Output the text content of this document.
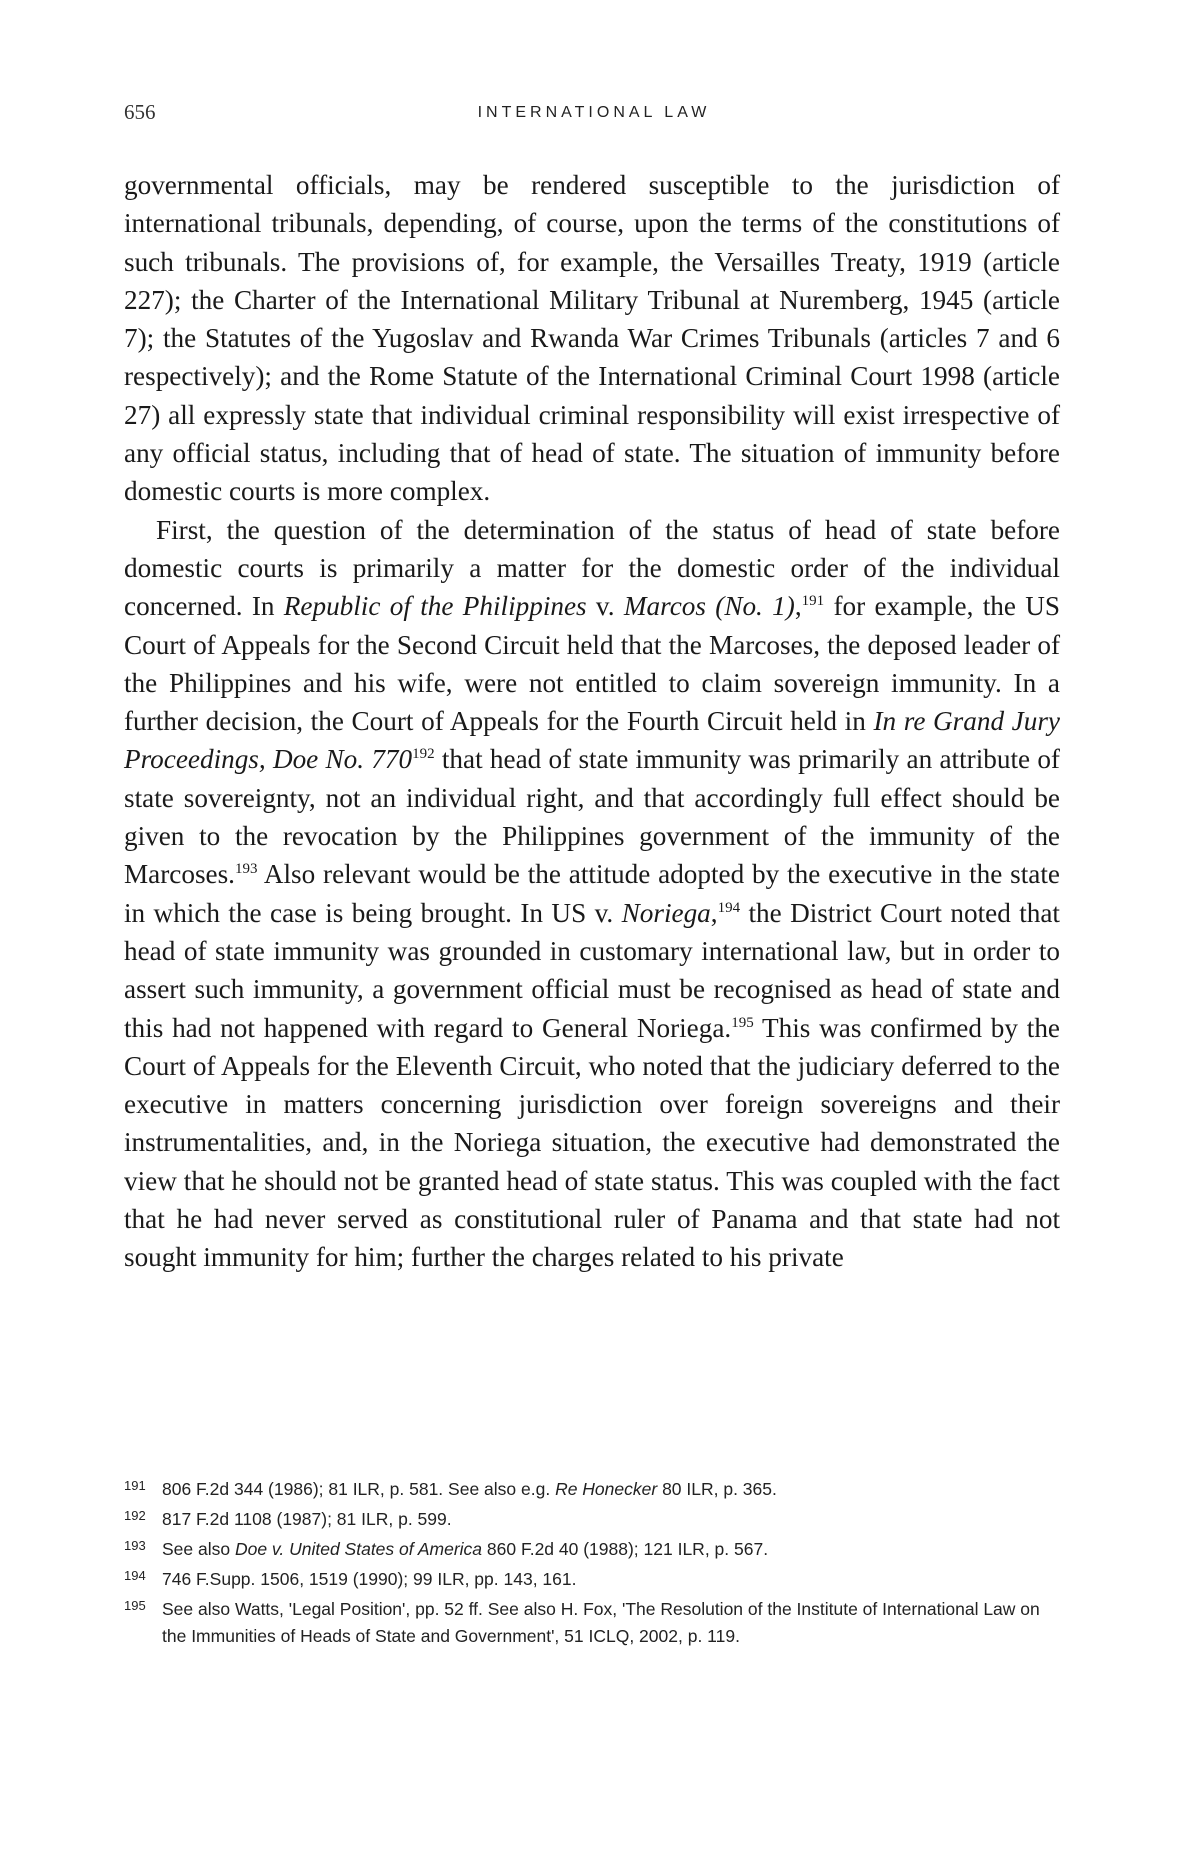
656	INTERNATIONAL LAW

governmental officials, may be rendered susceptible to the jurisdiction of international tribunals, depending, of course, upon the terms of the constitutions of such tribunals. The provisions of, for example, the Versailles Treaty, 1919 (article 227); the Charter of the International Military Tribunal at Nuremberg, 1945 (article 7); the Statutes of the Yugoslav and Rwanda War Crimes Tribunals (articles 7 and 6 respectively); and the Rome Statute of the International Criminal Court 1998 (article 27) all expressly state that individual criminal responsibility will exist irrespective of any official status, including that of head of state. The situation of immunity before domestic courts is more complex.

First, the question of the determination of the status of head of state before domestic courts is primarily a matter for the domestic order of the individual concerned. In Republic of the Philippines v. Marcos (No. 1),$^{191}$ for example, the US Court of Appeals for the Second Circuit held that the Marcoses, the deposed leader of the Philippines and his wife, were not entitled to claim sovereign immunity. In a further decision, the Court of Appeals for the Fourth Circuit held in In re Grand Jury Proceedings, Doe No. $770^{192}$ that head of state immunity was primarily an attribute of state sovereignty, not an individual right, and that accordingly full effect should be given to the revocation by the Philippines government of the immunity of the Marcoses.$^{193}$ Also relevant would be the attitude adopted by the executive in the state in which the case is being brought. In US v. Noriega,$^{194}$ the District Court noted that head of state immunity was grounded in customary international law, but in order to assert such immunity, a government official must be recognised as head of state and this had not happened with regard to General Noriega.$^{195}$ This was confirmed by the Court of Appeals for the Eleventh Circuit, who noted that the judiciary deferred to the executive in matters concerning jurisdiction over foreign sovereigns and their instrumentalities, and, in the Noriega situation, the executive had demonstrated the view that he should not be granted head of state status. This was coupled with the fact that he had never served as constitutional ruler of Panama and that state had not sought immunity for him; further the charges related to his private

191 806 F.2d 344 (1986); 81 ILR, p. 581. See also e.g. Re Honecker 80 ILR, p. 365.
192 817 F.2d 1108 (1987); 81 ILR, p. 599.
193 See also Doe v. United States of America 860 F.2d 40 (1988); 121 ILR, p. 567.
194 746 F.Supp. 1506, 1519 (1990); 99 ILR, pp. 143, 161.
195 See also Watts, 'Legal Position', pp. 52 ff. See also H. Fox, 'The Resolution of the Institute of International Law on the Immunities of Heads of State and Government', 51 ICLQ, 2002, p. 119.
